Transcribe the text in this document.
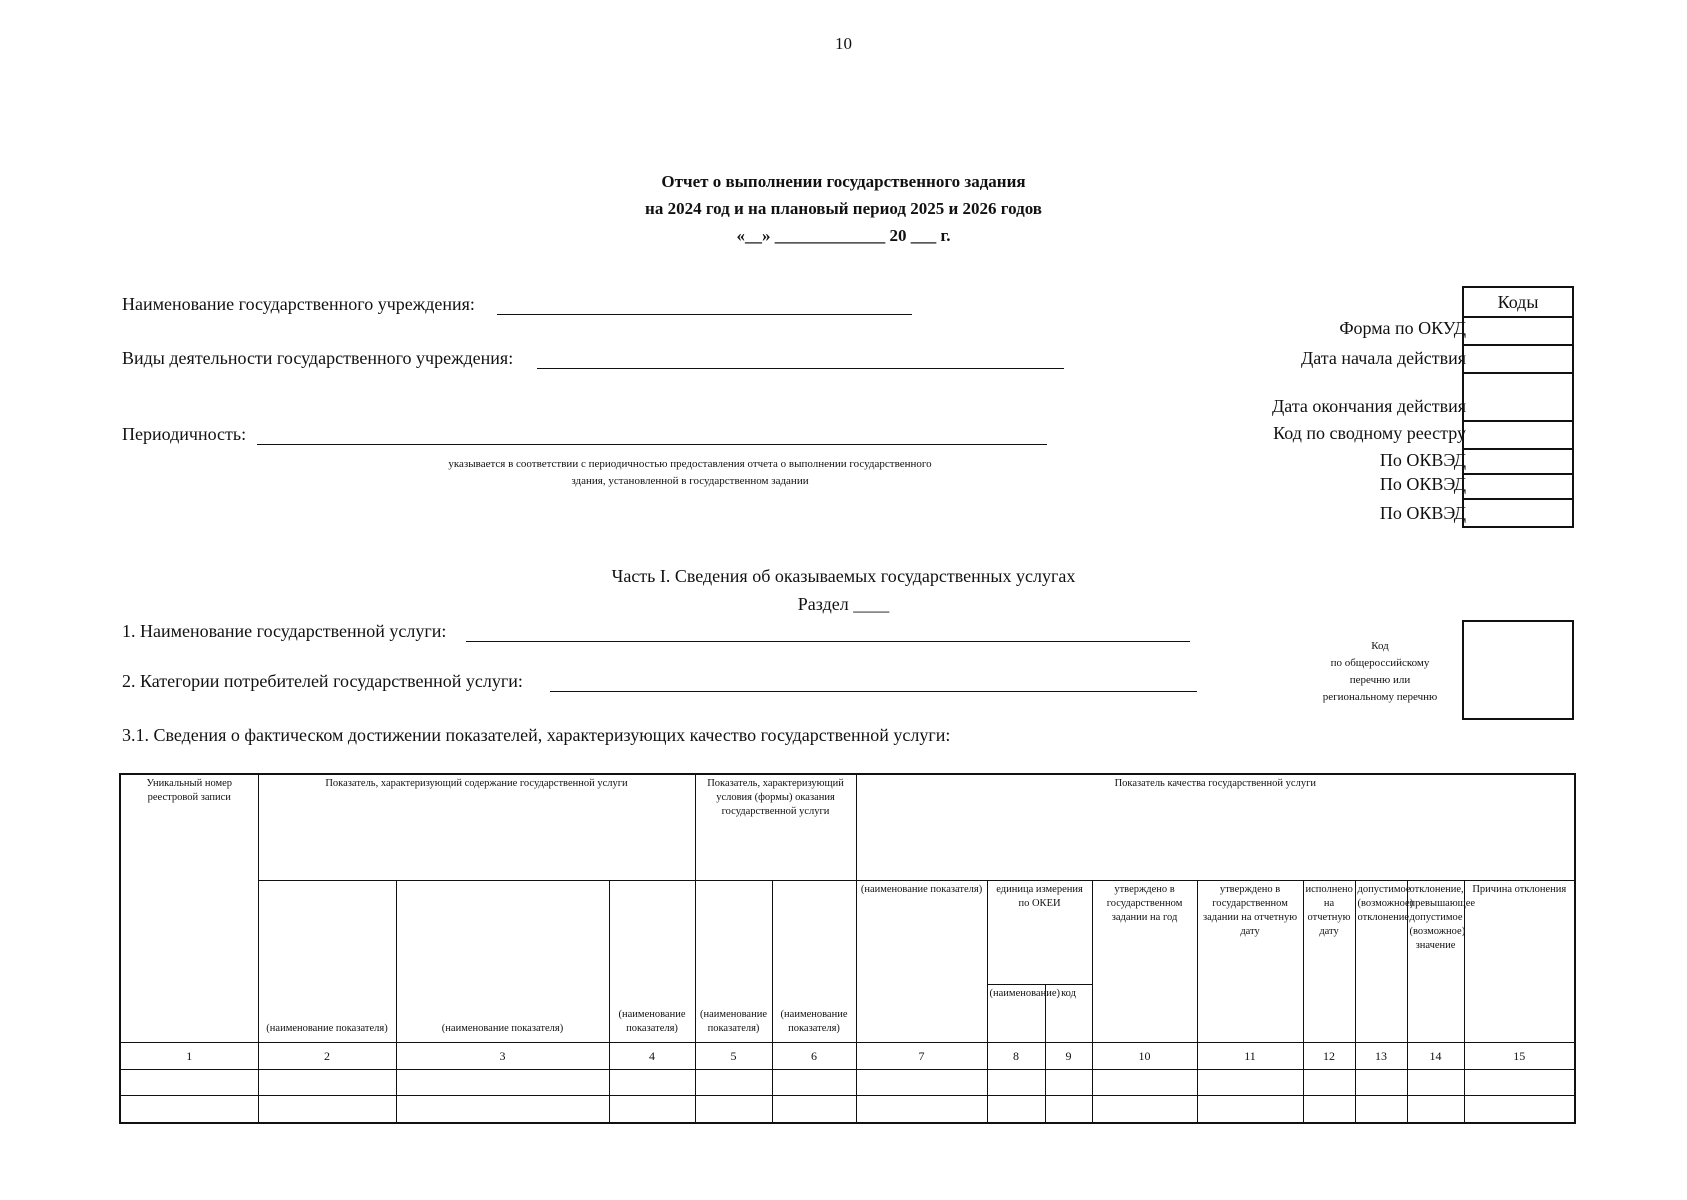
10
Отчет о выполнении государственного задания
на 2024 год и на плановый период 2025 и 2026 годов
«__» _____________ 20 ___ г.
Наименование государственного учреждения:
Виды деятельности государственного учреждения:
Периодичность:
указывается в соответствии с периодичностью предоставления отчета о выполнении государственного
здания, установленной в государственном задании
Коды
Форма по ОКУД
Дата начала действия
Дата окончания действия
Код по сводному реестру
По ОКВЭД
По ОКВЭД
По ОКВЭД
Часть I. Сведения об оказываемых государственных услугах
Раздел ____
1. Наименование государственной услуги:
2. Категории потребителей государственной услуги:
Код
по общероссийскому
перечню или
региональному перечню
3.1. Сведения о фактическом достижении показателей, характеризующих качество государственной услуги:
Уникальный номер реестровой записи	Показатель, характеризующий содержание государственной услуги			Показатель, характеризующий условия (формы) оказания государственной услуги		Показатель качества государственной услуги								
	(наименование показателя)	(наименование показателя)	(наименование показателя)	(наименование показателя)	(наименование показателя)	(наименование показателя)	единица измерения по ОКЕИ		утверждено в государственном задании на год	утверждено в государственном задании на отчетную дату	исполнено на отчетную дату	допустимое (возможное) отклонение	отклонение, превышающее допустимое (возможное) значение	Причина отклонения
							(наименование)	код						
1	2	3	4	5	6	7	8	9	10	11	12	13	14	15
